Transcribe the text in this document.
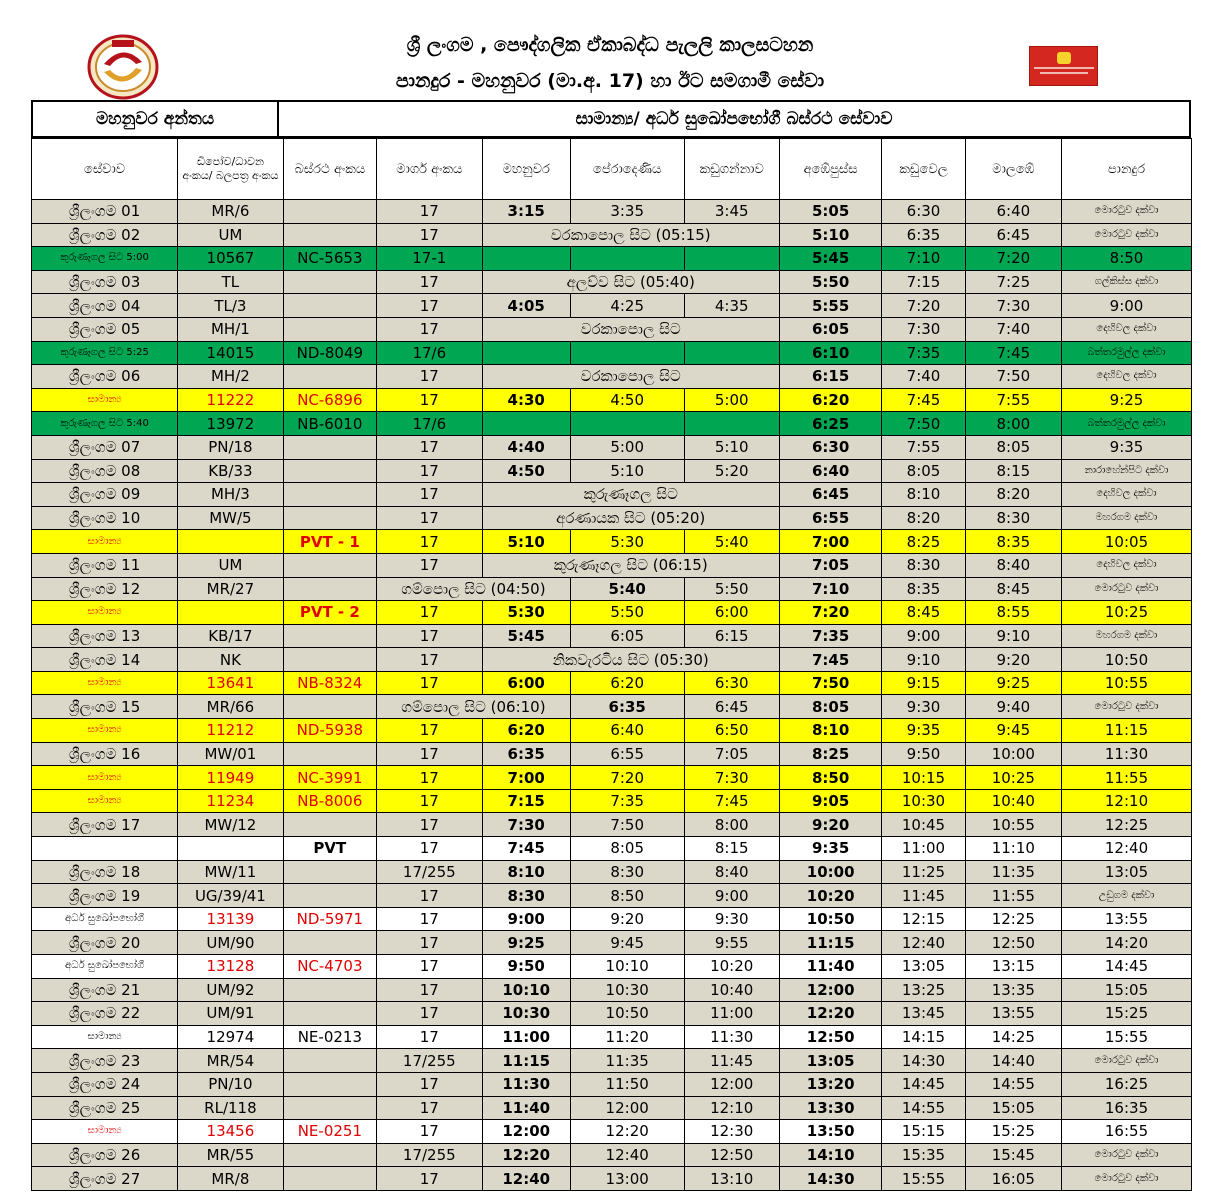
ශ්‍රී ලංගම , පෞද්ගලික ඒකාබද්ධ පැලලි කාලසටහන
පානදුර - මහනුවර (මා.අ. 17) හා ඊට සමගාමී සේවා
මහනුවර අන්තය	සාමාන්‍ය/ අර්ධ සුඛෝපභෝගී බස්රථ සේවාව
සේවාව	ඩිපෝව/ධාවන අංකය/ බලපත්‍ර අංකය	බස්රථ අංකය	මාර්ග අංකය	මහනුවර	පේරාදෙණිය	කඩුගන්නාව	අඹේපුස්ස	කඩුවෙල	මාලඹේ	පානදුර
ශ්‍රීලංගම 01	MR/6		17	3:15	3:35	3:45	5:05	6:30	6:40	මොරටුව දක්වා
ශ්‍රීලංගම 02	UM		17	වරකාපොල සිට (05:15)			5:10	6:35	6:45	මොරටුව දක්වා
කුරුණෑගල සිට 5:00	10567	NC-5653	17-1				5:45	7:10	7:20	8:50
ශ්‍රීලංගම 03	TL		17	අලව්ව සිට (05:40)			5:50	7:15	7:25	ගල්කිස්ස දක්වා
ශ්‍රීලංගම 04	TL/3		17	4:05	4:25	4:35	5:55	7:20	7:30	9:00
ශ්‍රීලංගම 05	MH/1		17	වරකාපොල සිට			6:05	7:30	7:40	දෙහිවල දක්වා
කුරුණෑගල සිට 5:25	14015	ND-8049	17/6				6:10	7:35	7:45	බත්තරමුල්ල දක්වා
ශ්‍රීලංගම 06	MH/2		17	වරකාපොල සිට			6:15	7:40	7:50	දෙහිවල දක්වා
සාමාන්‍ය	11222	NC-6896	17	4:30	4:50	5:00	6:20	7:45	7:55	9:25
කුරුණෑගල සිට 5:40	13972	NB-6010	17/6				6:25	7:50	8:00	බත්තරමුල්ල දක්වා
ශ්‍රීලංගම 07	PN/18		17	4:40	5:00	5:10	6:30	7:55	8:05	9:35
ශ්‍රීලංගම 08	KB/33		17	4:50	5:10	5:20	6:40	8:05	8:15	නාරාහේන්පිට දක්වා
ශ්‍රීලංගම 09	MH/3		17	කුරුණෑගල සිට			6:45	8:10	8:20	දෙහිවල දක්වා
ශ්‍රීලංගම 10	MW/5		17	අරණායක සිට (05:20)			6:55	8:20	8:30	මහරගම දක්වා
සාමාන්‍ය		PVT - 1	17	5:10	5:30	5:40	7:00	8:25	8:35	10:05
ශ්‍රීලංගම 11	UM		17	කුරුණෑගල සිට (06:15)			7:05	8:30	8:40	දෙහිවල දක්වා
ශ්‍රීලංගම 12	MR/27		ගම්පොල සිට (04:50)		5:40	5:50	7:10	8:35	8:45	මොරටුව දක්වා
සාමාන්‍ය		PVT - 2	17	5:30	5:50	6:00	7:20	8:45	8:55	10:25
ශ්‍රීලංගම 13	KB/17		17	5:45	6:05	6:15	7:35	9:00	9:10	මහරගම දක්වා
ශ්‍රීලංගම 14	NK		17	නිකවැරටිය සිට (05:30)			7:45	9:10	9:20	10:50
සාමාන්‍ය	13641	NB-8324	17	6:00	6:20	6:30	7:50	9:15	9:25	10:55
ශ්‍රීලංගම 15	MR/66		ගම්පොල සිට (06:10)		6:35	6:45	8:05	9:30	9:40	මොරටුව දක්වා
සාමාන්‍ය	11212	ND-5938	17	6:20	6:40	6:50	8:10	9:35	9:45	11:15
ශ්‍රීලංගම 16	MW/01		17	6:35	6:55	7:05	8:25	9:50	10:00	11:30
සාමාන්‍ය	11949	NC-3991	17	7:00	7:20	7:30	8:50	10:15	10:25	11:55
සාමාන්‍ය	11234	NB-8006	17	7:15	7:35	7:45	9:05	10:30	10:40	12:10
ශ්‍රීලංගම 17	MW/12		17	7:30	7:50	8:00	9:20	10:45	10:55	12:25
		PVT	17	7:45	8:05	8:15	9:35	11:00	11:10	12:40
ශ්‍රීලංගම 18	MW/11		17/255	8:10	8:30	8:40	10:00	11:25	11:35	13:05
ශ්‍රීලංගම 19	UG/39/41		17	8:30	8:50	9:00	10:20	11:45	11:55	උඩුගම දක්වා
අර්ධ සුඛෝපභෝගී	13139	ND-5971	17	9:00	9:20	9:30	10:50	12:15	12:25	13:55
ශ්‍රීලංගම 20	UM/90		17	9:25	9:45	9:55	11:15	12:40	12:50	14:20
අර්ධ සුඛෝපභෝගී	13128	NC-4703	17	9:50	10:10	10:20	11:40	13:05	13:15	14:45
ශ්‍රීලංගම 21	UM/92		17	10:10	10:30	10:40	12:00	13:25	13:35	15:05
ශ්‍රීලංගම 22	UM/91		17	10:30	10:50	11:00	12:20	13:45	13:55	15:25
සාමාන්‍ය	12974	NE-0213	17	11:00	11:20	11:30	12:50	14:15	14:25	15:55
ශ්‍රීලංගම 23	MR/54		17/255	11:15	11:35	11:45	13:05	14:30	14:40	මොරටුව දක්වා
ශ්‍රීලංගම 24	PN/10		17	11:30	11:50	12:00	13:20	14:45	14:55	16:25
ශ්‍රීලංගම 25	RL/118		17	11:40	12:00	12:10	13:30	14:55	15:05	16:35
සාමාන්‍ය	13456	NE-0251	17	12:00	12:20	12:30	13:50	15:15	15:25	16:55
ශ්‍රීලංගම 26	MR/55		17/255	12:20	12:40	12:50	14:10	15:35	15:45	මොරටුව දක්වා
ශ්‍රීලංගම 27	MR/8		17	12:40	13:00	13:10	14:30	15:55	16:05	මොරටුව දක්වා
